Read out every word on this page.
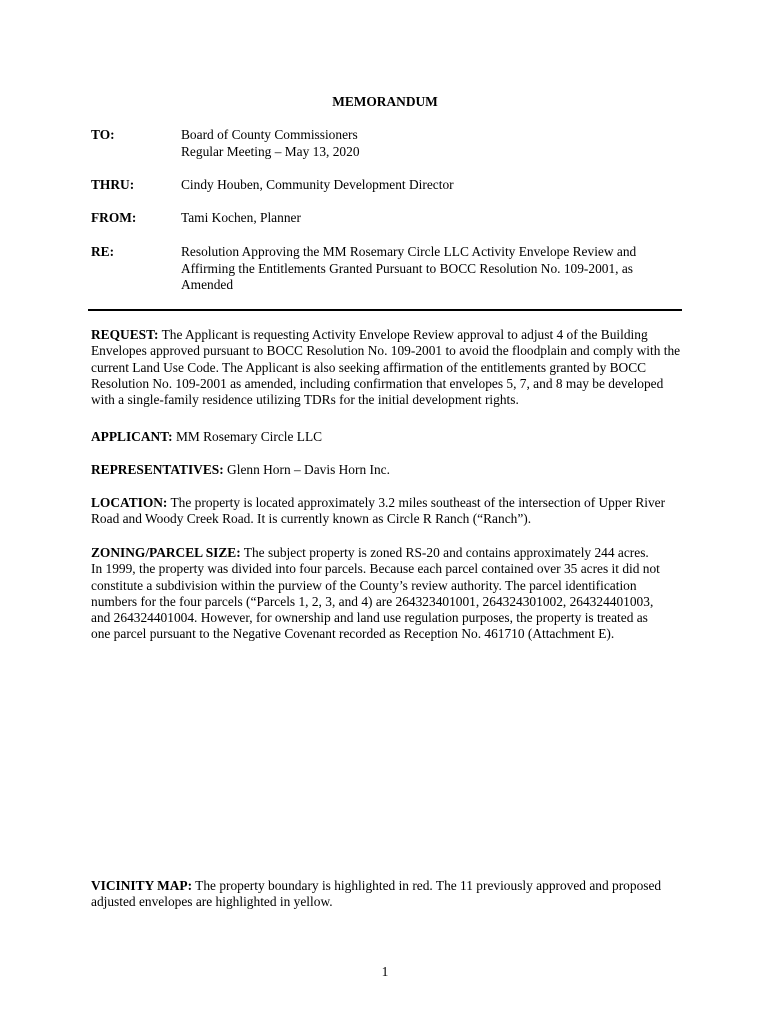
MEMORANDUM
TO:	Board of County Commissioners
Regular Meeting – May 13, 2020
THRU:	Cindy Houben, Community Development Director
FROM:	Tami Kochen, Planner
RE:	Resolution Approving the MM Rosemary Circle LLC Activity Envelope Review and
Affirming the Entitlements Granted Pursuant to BOCC Resolution No. 109-2001, as
Amended
REQUEST: The Applicant is requesting Activity Envelope Review approval to adjust 4 of the Building
Envelopes approved pursuant to BOCC Resolution No. 109-2001 to avoid the floodplain and comply with the
current Land Use Code. The Applicant is also seeking affirmation of the entitlements granted by BOCC
Resolution No. 109-2001 as amended, including confirmation that envelopes 5, 7, and 8 may be developed
with a single-family residence utilizing TDRs for the initial development rights.
APPLICANT: MM Rosemary Circle LLC
REPRESENTATIVES: Glenn Horn – Davis Horn Inc.
LOCATION: The property is located approximately 3.2 miles southeast of the intersection of Upper River
Road and Woody Creek Road. It is currently known as Circle R Ranch (“Ranch”).
ZONING/PARCEL SIZE: The subject property is zoned RS-20 and contains approximately 244 acres.
In 1999, the property was divided into four parcels. Because each parcel contained over 35 acres it did not
constitute a subdivision within the purview of the County’s review authority. The parcel identification
numbers for the four parcels (“Parcels 1, 2, 3, and 4) are 264323401001, 264324301002, 264324401003,
and 264324401004. However, for ownership and land use regulation purposes, the property is treated as
one parcel pursuant to the Negative Covenant recorded as Reception No. 461710 (Attachment E).
VICINITY MAP: The property boundary is highlighted in red. The 11 previously approved and proposed
adjusted envelopes are highlighted in yellow.
1
